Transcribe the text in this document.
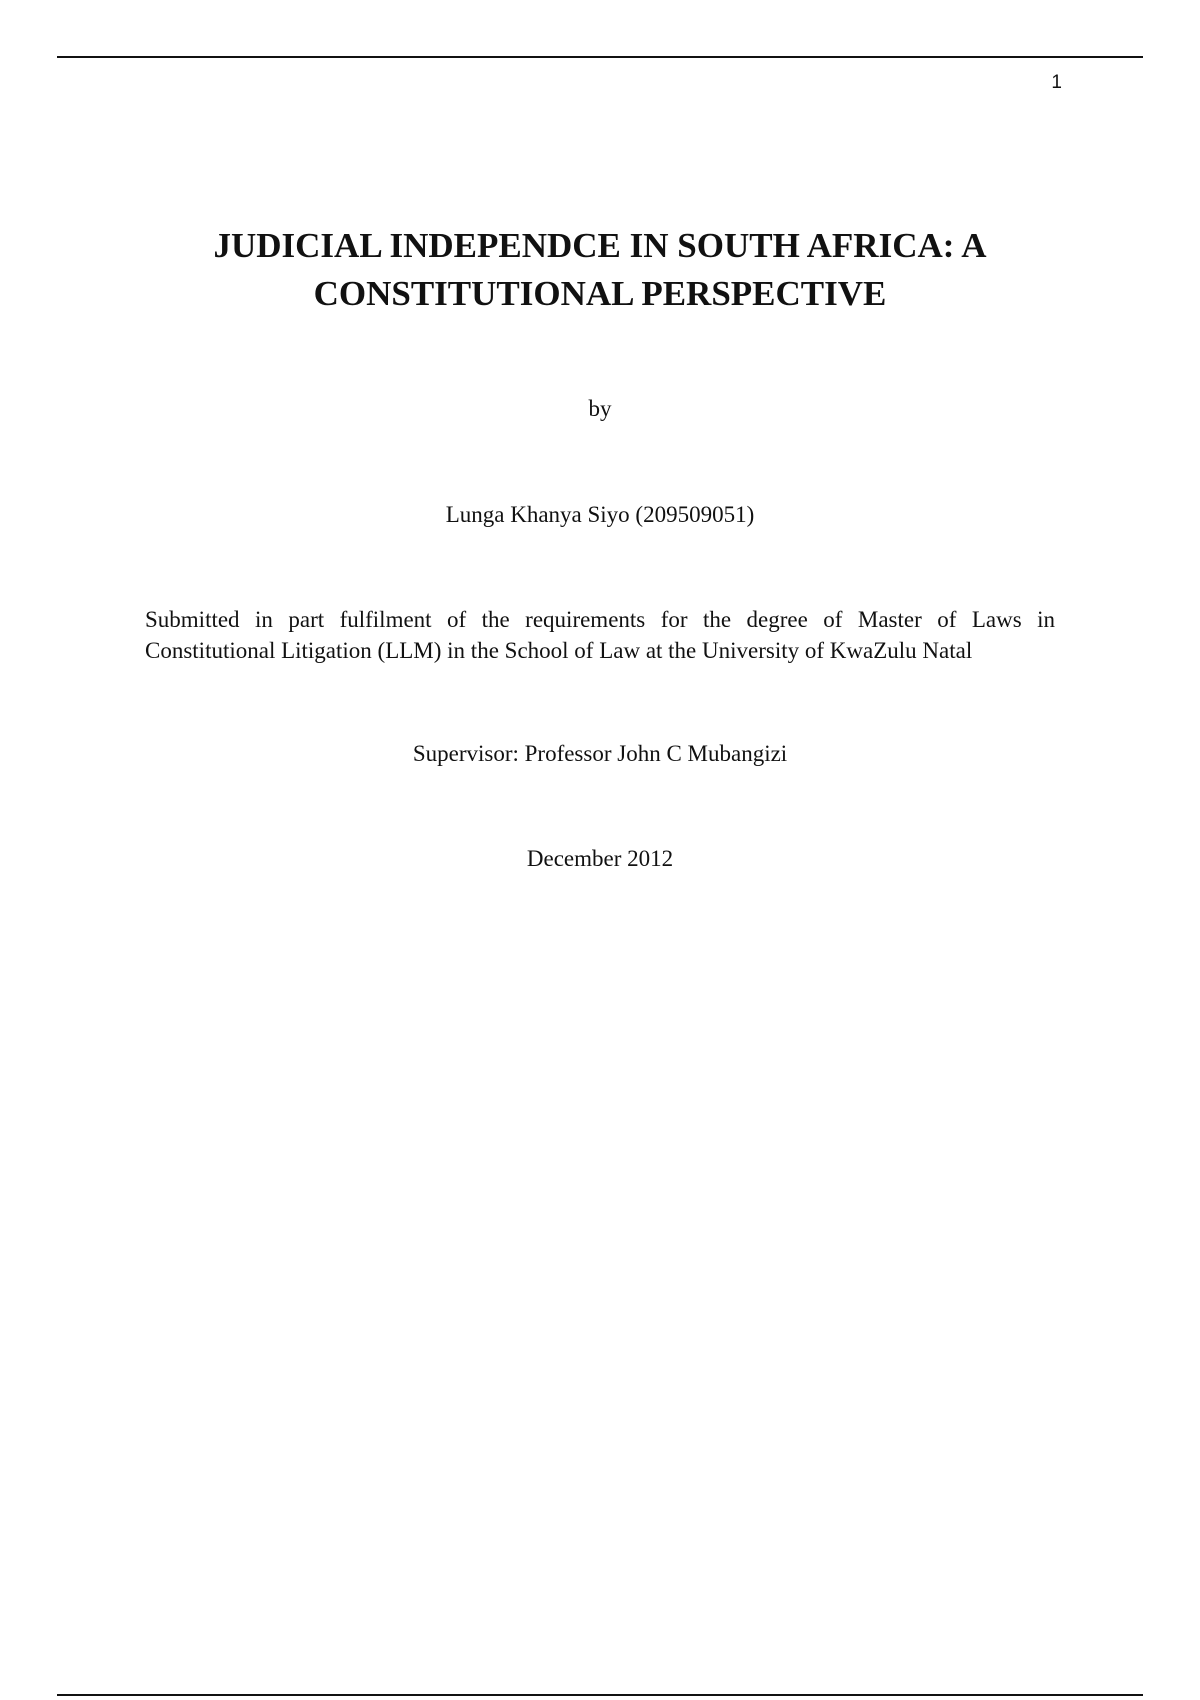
1
JUDICIAL INDEPENDCE IN SOUTH AFRICA: A
CONSTITUTIONAL PERSPECTIVE
by
Lunga Khanya Siyo (209509051)
Submitted in part fulfilment of the requirements for the degree of Master of Laws in
Constitutional Litigation (LLM) in the School of Law at the University of KwaZulu Natal
Supervisor: Professor John C Mubangizi
December 2012
